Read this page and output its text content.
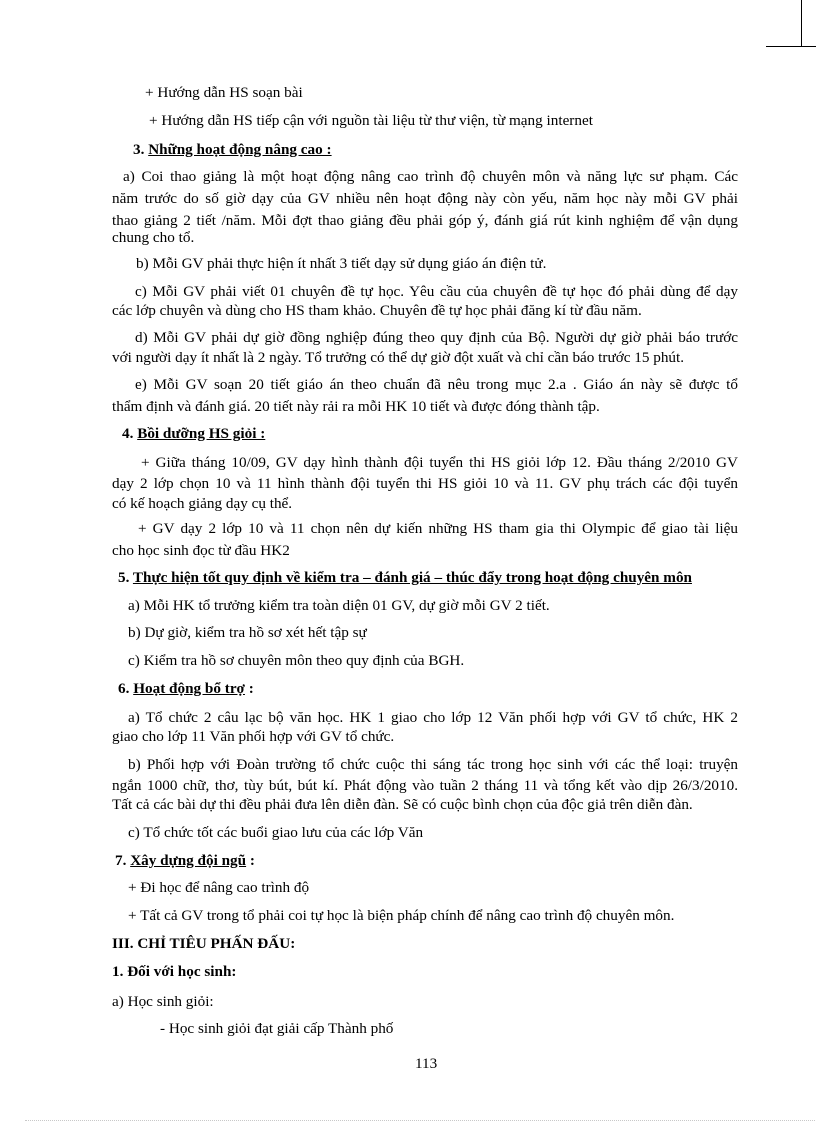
+ Hướng dẫn HS soạn bài
+ Hướng dẫn HS tiếp cận với nguồn tài liệu từ thư viện, từ mạng internet
3. Những hoạt động nâng cao :
a) Coi thao giảng là một hoạt động nâng cao trình độ chuyên môn và năng lực sư phạm. Các
năm trước do số giờ dạy của GV nhiều nên hoạt động này còn yếu, năm học này mỗi GV phải
thao giảng 2 tiết /năm. Mỗi đợt thao giảng đều phải góp ý, đánh giá rút kinh nghiệm để vận dụng
chung cho tổ.
b) Mỗi GV phải thực hiện ít nhất 3 tiết dạy sử dụng giáo án điện tử.
c) Mỗi GV phải viết 01 chuyên đề tự học. Yêu cầu của chuyên đề tự học đó phải dùng để dạy
các lớp chuyên và dùng cho HS tham khảo. Chuyên đề tự học phải đăng kí từ đầu năm.
d) Mỗi GV phải dự giờ đồng nghiệp đúng theo quy định của Bộ. Người dự giờ phải báo trước
với người dạy ít nhất là 2 ngày. Tổ trưởng có thể dự giờ đột xuất và chỉ cần báo trước 15 phút.
e) Mỗi GV soạn 20 tiết giáo án theo chuẩn đã nêu trong mục 2.a . Giáo án này sẽ được tổ
thẩm định và đánh giá. 20 tiết này rải ra mỗi HK 10 tiết và được đóng thành tập.
4. Bồi dưỡng HS giỏi :
+ Giữa tháng 10/09, GV dạy hình thành đội tuyển thi HS giỏi lớp 12. Đầu tháng 2/2010 GV
dạy 2 lớp chọn 10 và 11 hình thành đội tuyển thi HS giỏi 10 và 11. GV phụ trách các đội tuyển
có kế hoạch giảng dạy cụ thể.
+ GV dạy 2 lớp 10 và 11 chọn nên dự kiến những HS tham gia thi Olympic để giao tài liệu
cho học sinh đọc từ đầu HK2
5. Thực hiện tốt quy định về kiểm tra – đánh giá – thúc đẩy trong hoạt động chuyên môn
a) Mỗi HK tổ trưởng kiểm tra toàn diện 01 GV, dự giờ mỗi GV 2 tiết.
b) Dự giờ, kiểm tra hồ sơ xét hết tập sự
c) Kiểm tra hồ sơ chuyên môn theo quy định của BGH.
6. Hoạt động bổ trợ :
a) Tổ chức 2 câu lạc bộ văn học. HK 1 giao cho lớp 12 Văn phối hợp với GV tổ chức, HK 2
giao cho lớp 11 Văn phối hợp với GV tổ chức.
b) Phối hợp với Đoàn trường tổ chức cuộc thi sáng tác trong học sinh với các thể loại: truyện
ngắn 1000 chữ, thơ, tùy bút, bút kí. Phát động vào tuần 2 tháng 11 và tổng kết vào dịp 26/3/2010.
Tất cả các bài dự thi đều phải đưa lên diễn đàn. Sẽ có cuộc bình chọn của độc giả trên diễn đàn.
c) Tổ chức tốt các buổi giao lưu của các lớp Văn
7. Xây dựng đội ngũ :
+ Đi học để nâng cao trình độ
+ Tất cả GV trong tổ phải coi tự học là biện pháp chính để nâng cao trình độ chuyên môn.
III. CHỈ TIÊU PHẤN ĐẤU:
1. Đối với học sinh:
a) Học sinh giỏi:
- Học sinh giỏi đạt giải cấp Thành phố
113
